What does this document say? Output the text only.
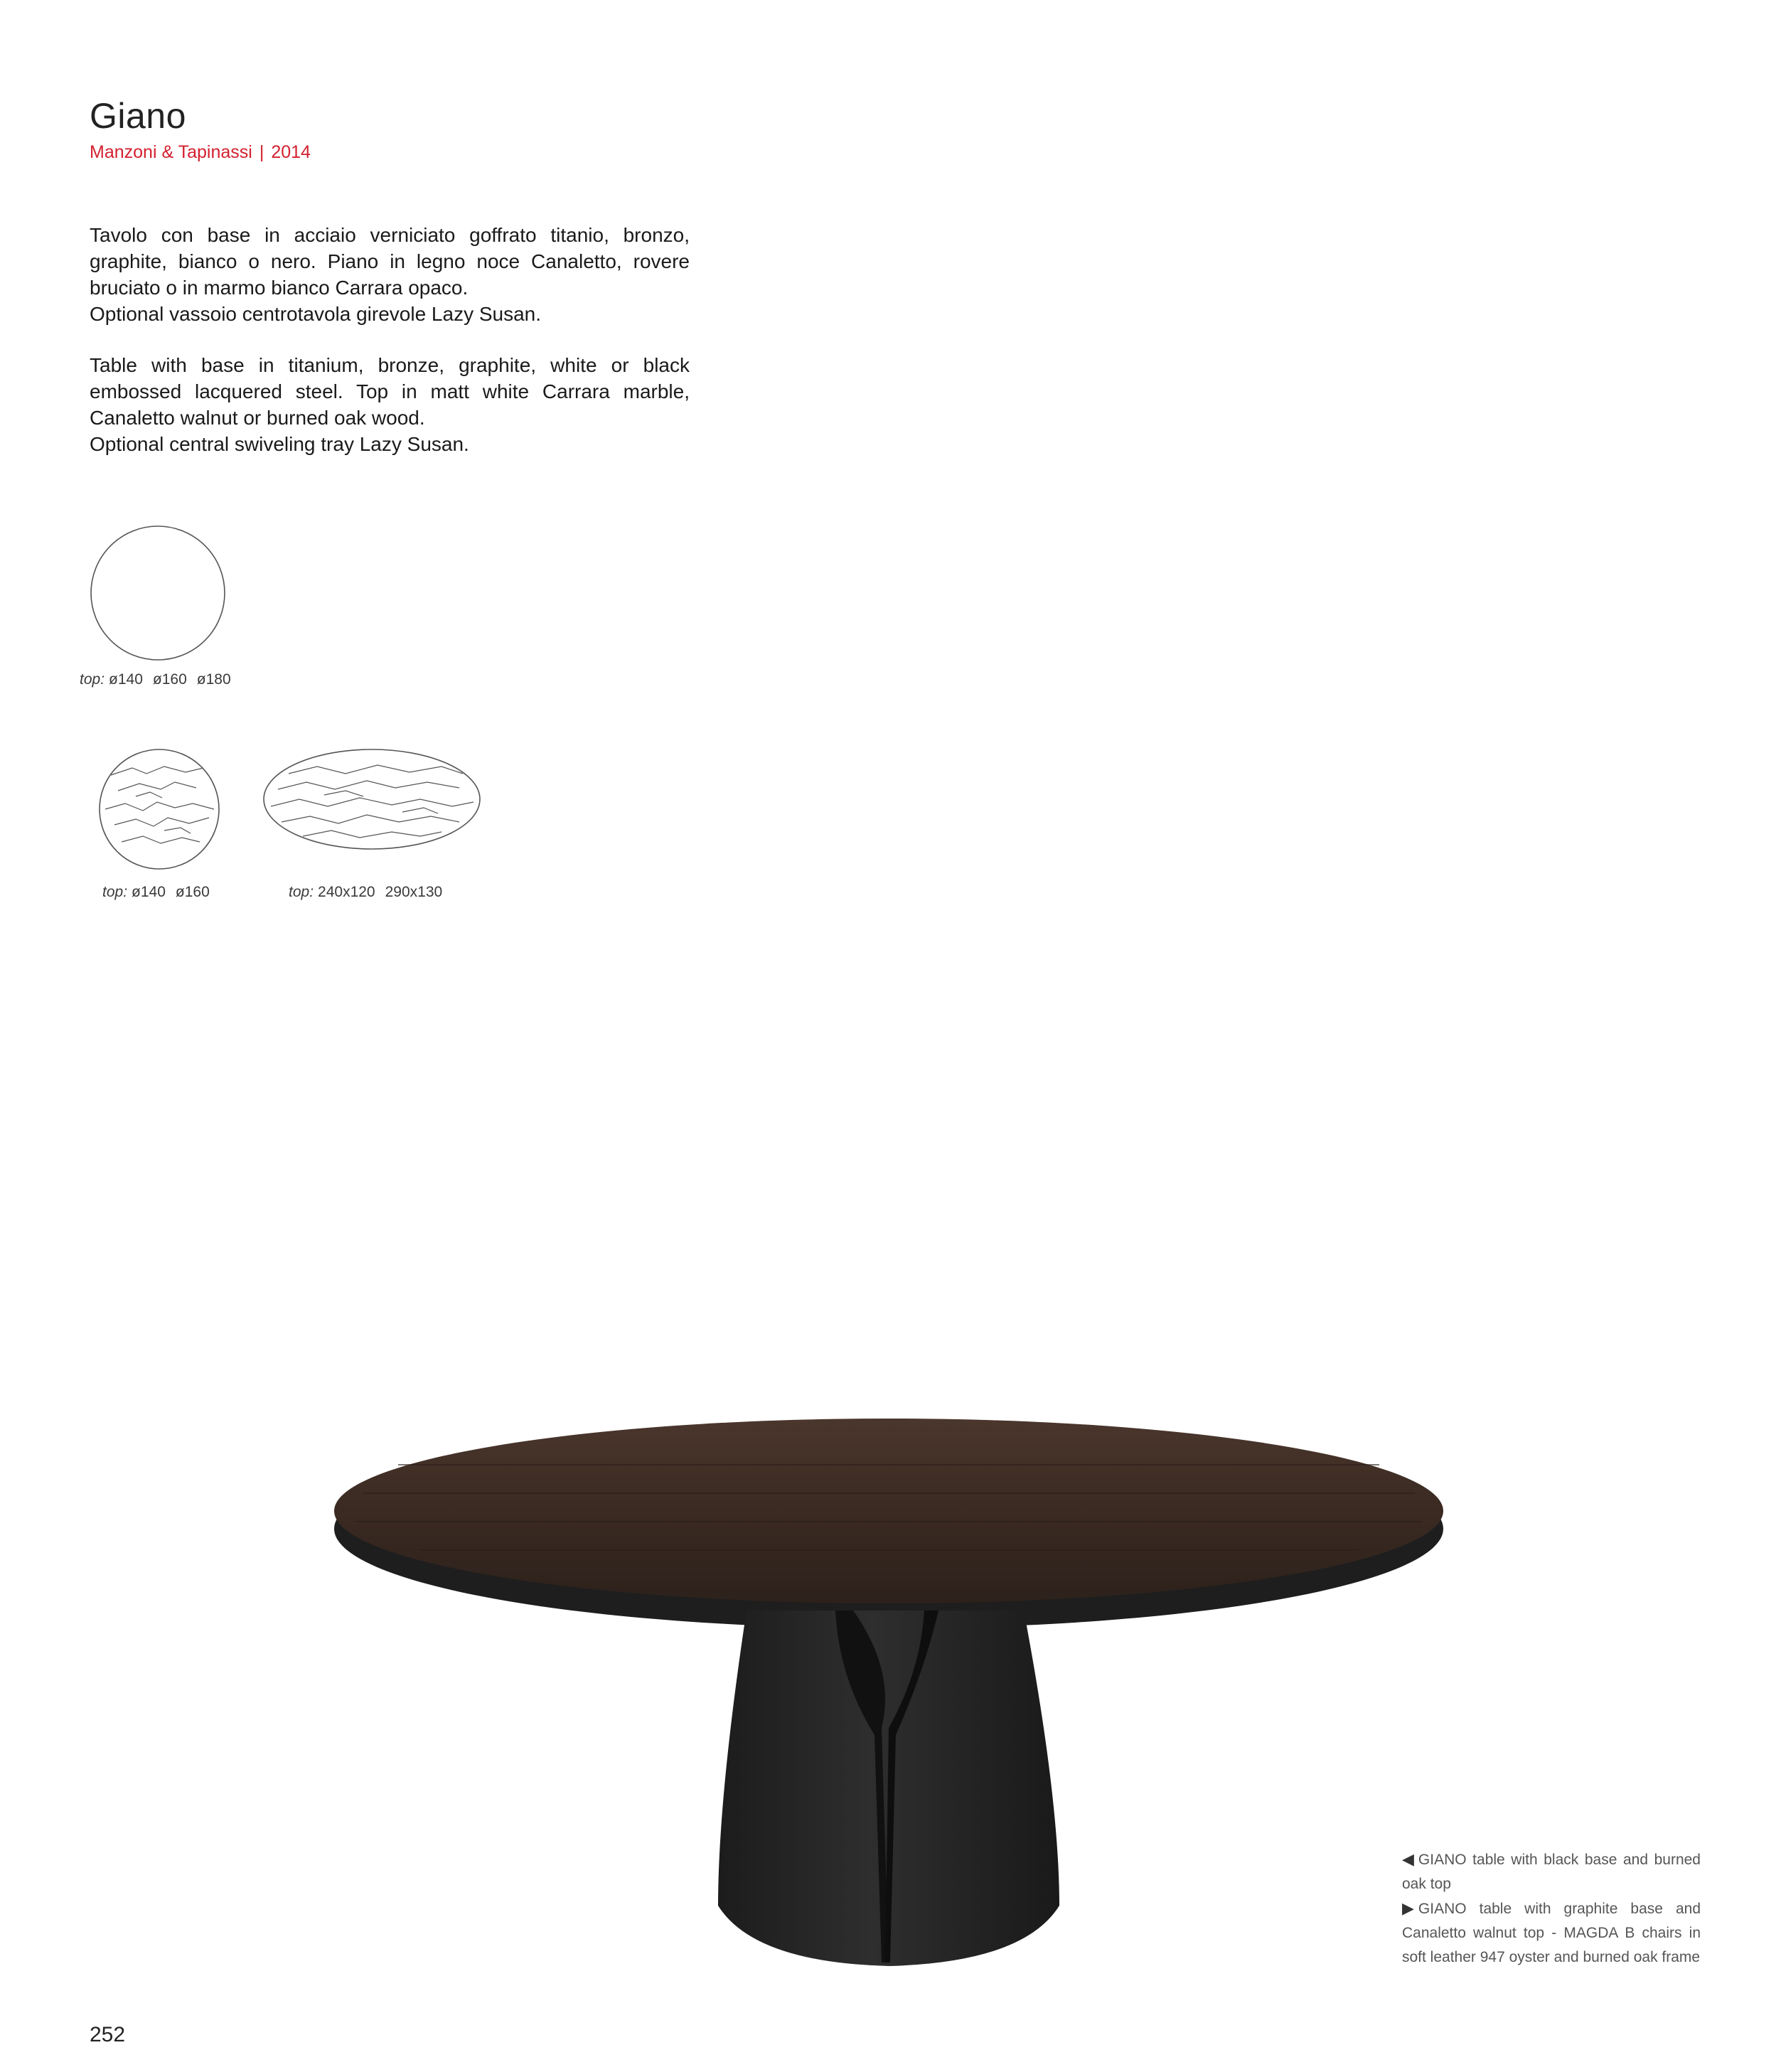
Giano
Manzoni & Tapinassi | 2014

Tavolo con base in acciaio verniciato goffrato titanio, bronzo, graphite, bianco o nero. Piano in legno noce Canaletto, rovere bruciato o in marmo bianco Carrara opaco.

Optional vassoio centrotavola girevole Lazy Susan.

Table with base in titanium, bronze, graphite, white or black embossed lacquered steel. Top in matt white Carrara marble, Canaletto walnut or burned oak wood.

Optional central swiveling tray Lazy Susan.

top: ø140 ø160 ø180
top: ø140 ø160	top: 240x120 290x130
◀ GIANO table with black base and burned oak top
▶ GIANO table with graphite base and Canaletto walnut top - MAGDA B chairs in soft leather 947 oyster and burned oak frame
252
